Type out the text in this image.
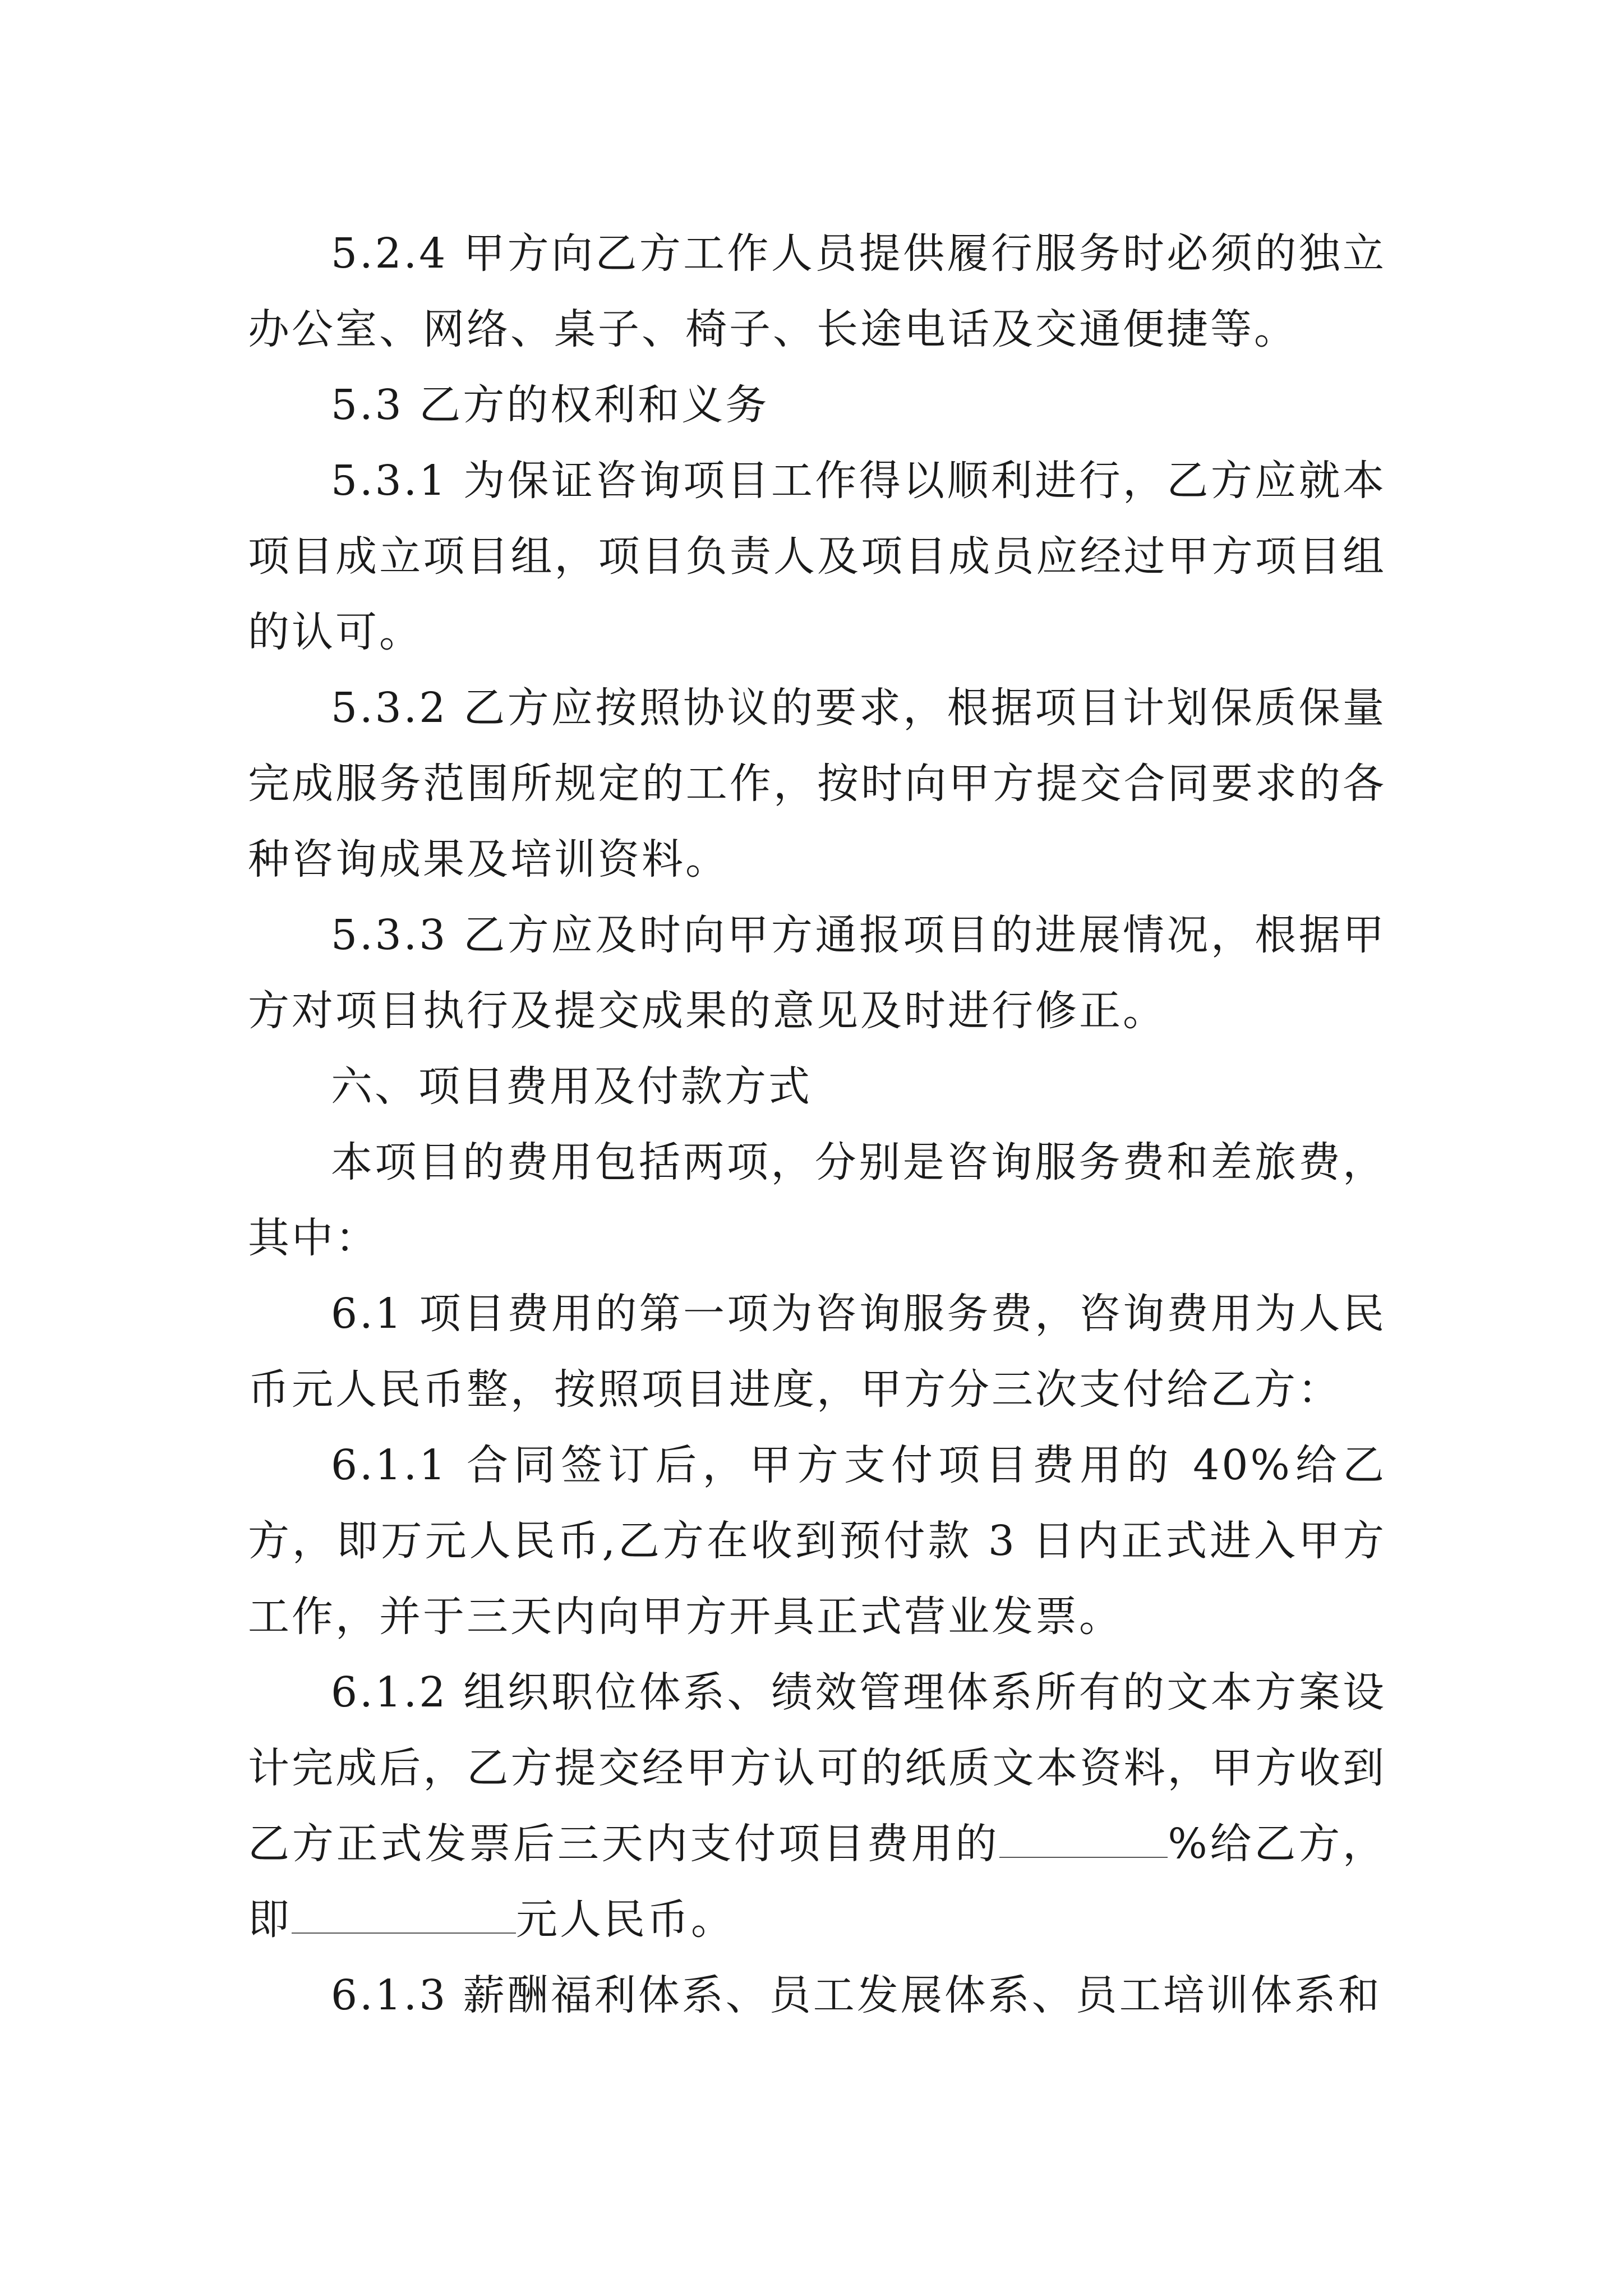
5.2.4 甲方向乙方工作人员提供履行服务时必须的独立办公室、网络、桌子、椅子、长途电话及交通便捷等。

5.3 乙方的权利和义务

5.3.1 为保证咨询项目工作得以顺利进行，乙方应就本项目成立项目组，项目负责人及项目成员应经过甲方项目组的认可。

5.3.2 乙方应按照协议的要求，根据项目计划保质保量完成服务范围所规定的工作，按时向甲方提交合同要求的各种咨询成果及培训资料。

5.3.3 乙方应及时向甲方通报项目的进展情况，根据甲方对项目执行及提交成果的意见及时进行修正。

六、项目费用及付款方式

本项目的费用包括两项，分别是咨询服务费和差旅费，其中：

6.1 项目费用的第一项为咨询服务费，咨询费用为人民币元人民币整，按照项目进度，甲方分三次支付给乙方：

6.1.1 合同签订后，甲方支付项目费用的 40%给乙方，即万元人民币,乙方在收到预付款 3 日内正式进入甲方工作，并于三天内向甲方开具正式营业发票。

6.1.2 组织职位体系、绩效管理体系所有的文本方案设计完成后，乙方提交经甲方认可的纸质文本资料，甲方收到乙方正式发票后三天内支付项目费用的	%给乙方，即	元人民币。

6.1.3 薪酬福利体系、员工发展体系、员工培训体系和
